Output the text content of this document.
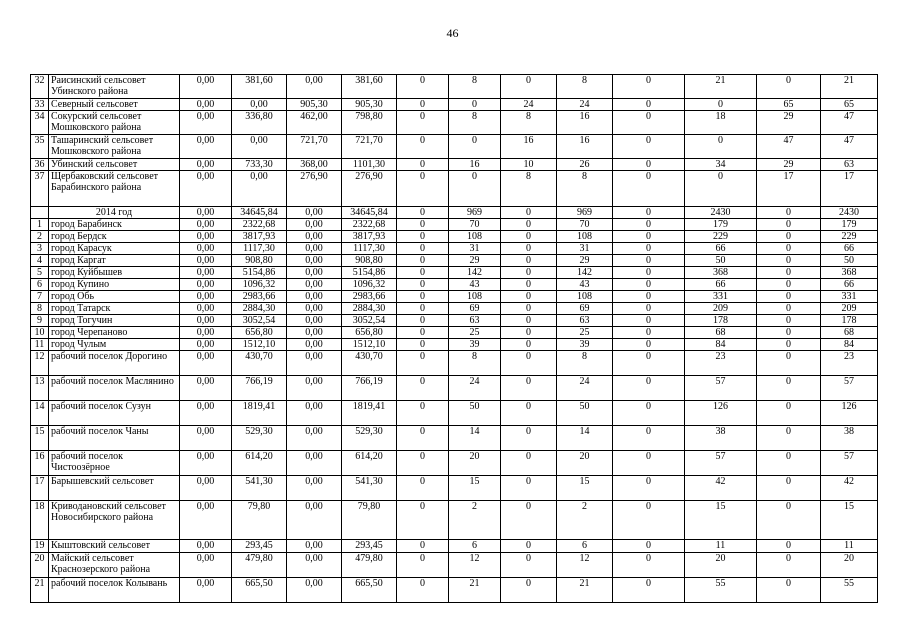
46
32	Раисинский сельсовет Убинского района	0,00	381,60	0,00	381,60	0	8	0	8	0	21	0	21
33	Северный сельсовет	0,00	0,00	905,30	905,30	0	0	24	24	0	0	65	65
34	Сокурский сельсовет Мошковского района	0,00	336,80	462,00	798,80	0	8	8	16	0	18	29	47
35	Ташаринский сельсовет Мошковского района	0,00	0,00	721,70	721,70	0	0	16	16	0	0	47	47
36	Убинский сельсовет	0,00	733,30	368,00	1101,30	0	16	10	26	0	34	29	63
37	Щербаковский сельсовет Барабинского района	0,00	0,00	276,90	276,90	0	0	8	8	0	0	17	17
	2014 год	0,00	34645,84	0,00	34645,84	0	969	0	969	0	2430	0	2430
1	город Барабинск	0,00	2322,68	0,00	2322,68	0	70	0	70	0	179	0	179
2	город Бердск	0,00	3817,93	0,00	3817,93	0	108	0	108	0	229	0	229
3	город Карасук	0,00	1117,30	0,00	1117,30	0	31	0	31	0	66	0	66
4	город Каргат	0,00	908,80	0,00	908,80	0	29	0	29	0	50	0	50
5	город Куйбышев	0,00	5154,86	0,00	5154,86	0	142	0	142	0	368	0	368
6	город Купино	0,00	1096,32	0,00	1096,32	0	43	0	43	0	66	0	66
7	город Обь	0,00	2983,66	0,00	2983,66	0	108	0	108	0	331	0	331
8	город Татарск	0,00	2884,30	0,00	2884,30	0	69	0	69	0	209	0	209
9	город Тогучин	0,00	3052,54	0,00	3052,54	0	63	0	63	0	178	0	178
10	город Черепаново	0,00	656,80	0,00	656,80	0	25	0	25	0	68	0	68
11	город Чулым	0,00	1512,10	0,00	1512,10	0	39	0	39	0	84	0	84
12	рабочий поселок Дорогино	0,00	430,70	0,00	430,70	0	8	0	8	0	23	0	23
13	рабочий поселок Маслянино	0,00	766,19	0,00	766,19	0	24	0	24	0	57	0	57
14	рабочий поселок Сузун	0,00	1819,41	0,00	1819,41	0	50	0	50	0	126	0	126
15	рабочий поселок Чаны	0,00	529,30	0,00	529,30	0	14	0	14	0	38	0	38
16	рабочий поселок Чистоозёрное	0,00	614,20	0,00	614,20	0	20	0	20	0	57	0	57
17	Барышевский сельсовет	0,00	541,30	0,00	541,30	0	15	0	15	0	42	0	42
18	Криводановский сельсовет Новосибирского района	0,00	79,80	0,00	79,80	0	2	0	2	0	15	0	15
19	Кыштовский сельсовет	0,00	293,45	0,00	293,45	0	6	0	6	0	11	0	11
20	Майский сельсовет Краснозерского района	0,00	479,80	0,00	479,80	0	12	0	12	0	20	0	20
21	рабочий поселок Колывань	0,00	665,50	0,00	665,50	0	21	0	21	0	55	0	55
